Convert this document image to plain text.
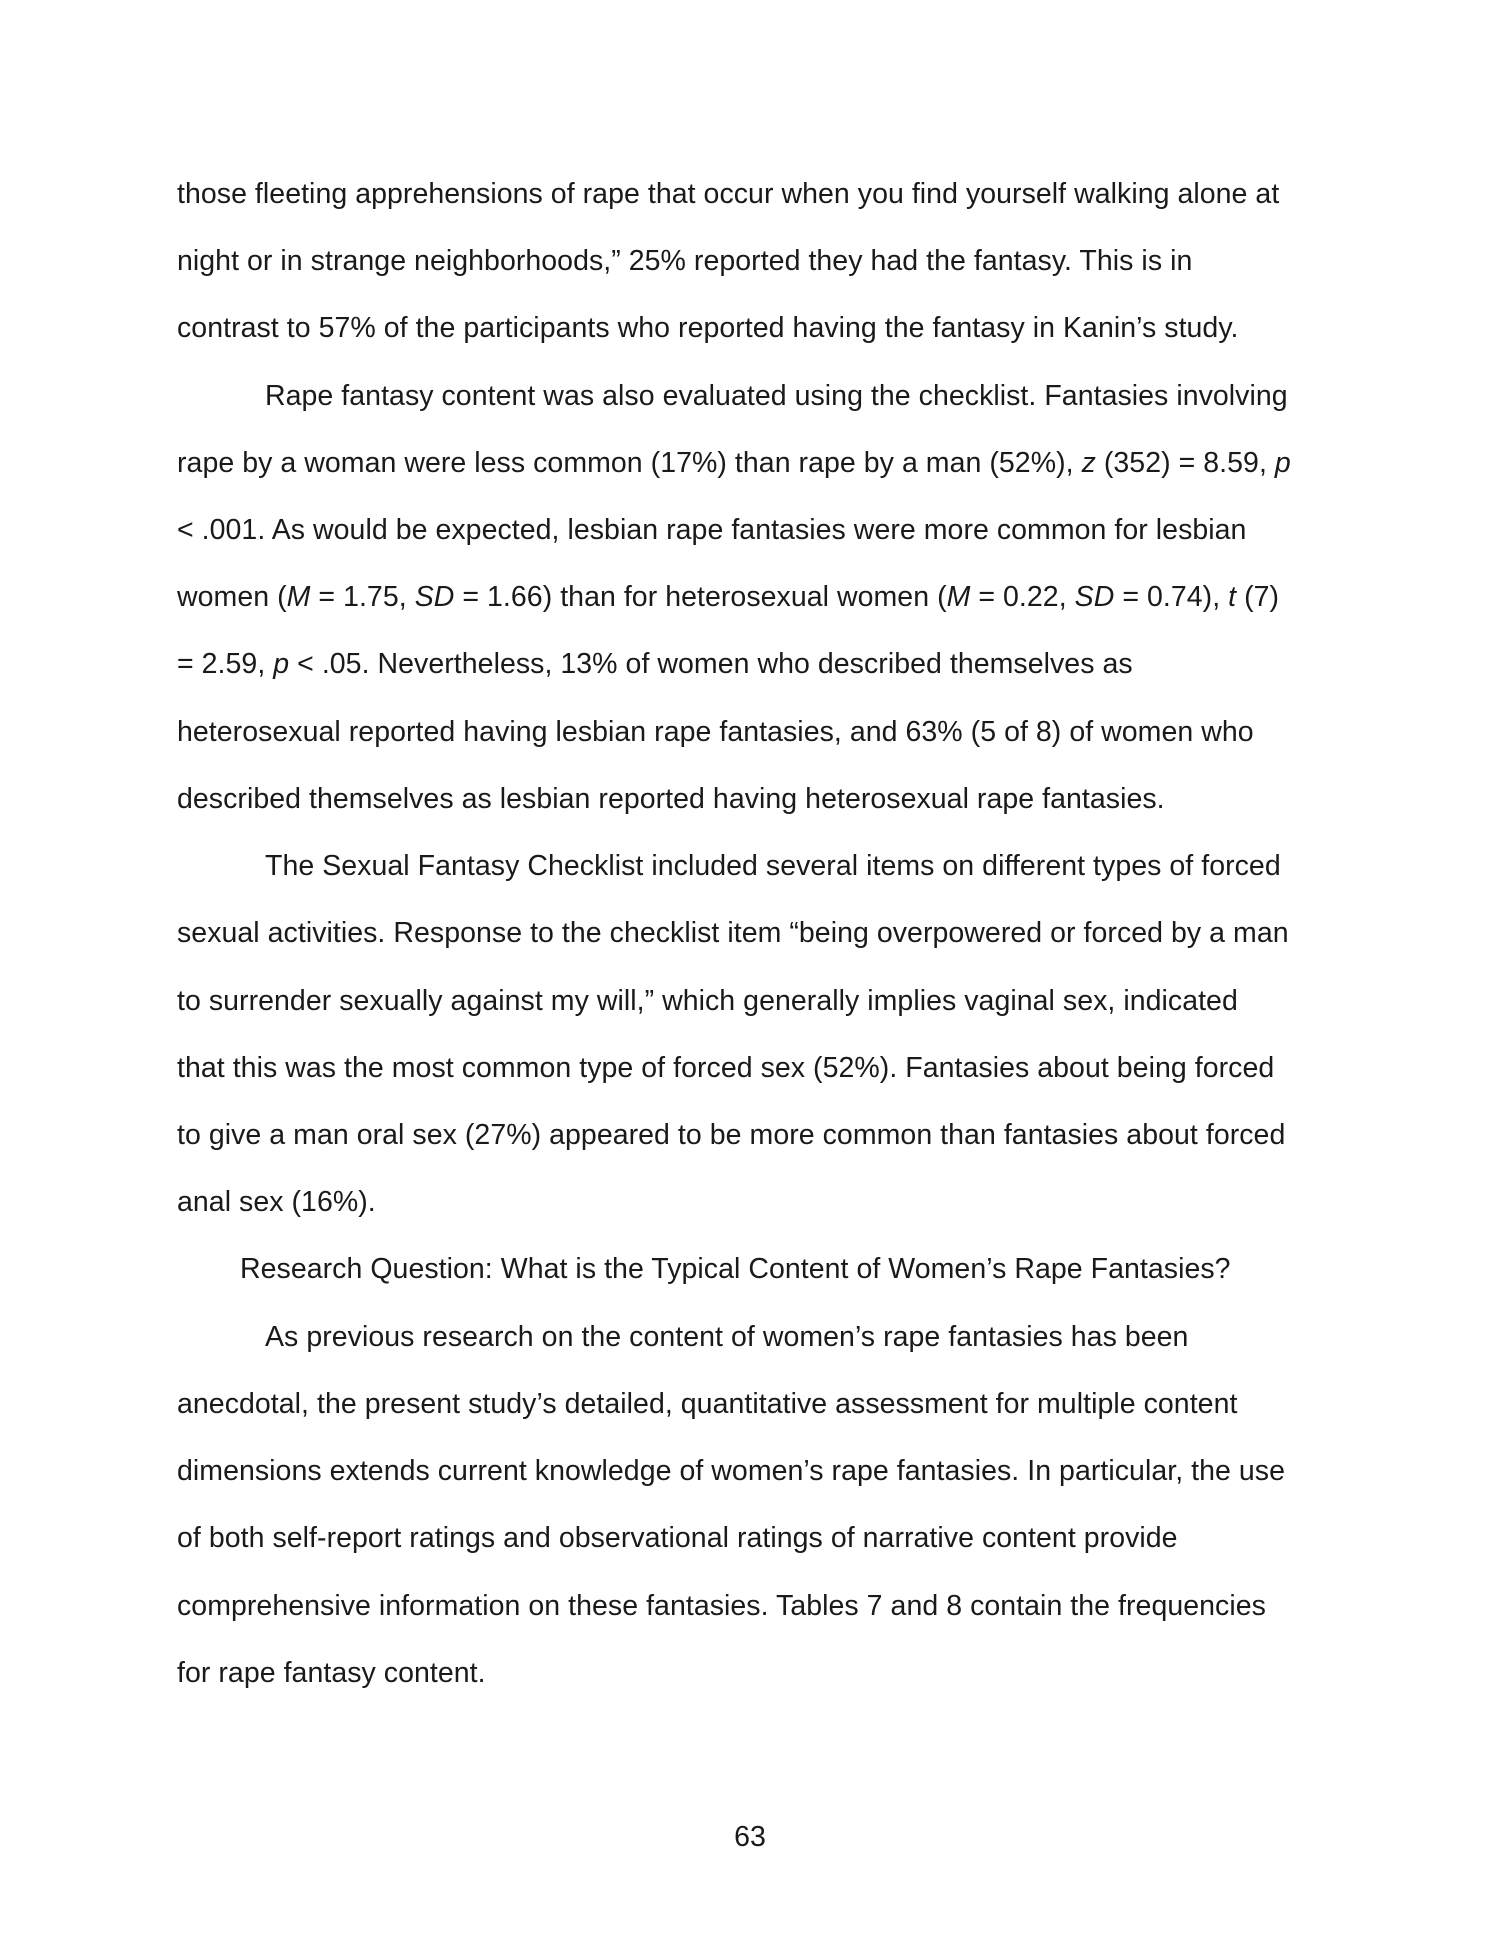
those fleeting apprehensions of rape that occur when you find yourself walking alone at
night or in strange neighborhoods,” 25% reported they had the fantasy. This is in
contrast to 57% of the participants who reported having the fantasy in Kanin’s study.
Rape fantasy content was also evaluated using the checklist. Fantasies involving
rape by a woman were less common (17%) than rape by a man (52%), z (352) = 8.59, p
< .001. As would be expected, lesbian rape fantasies were more common for lesbian
women (M = 1.75, SD = 1.66) than for heterosexual women (M = 0.22, SD = 0.74), t (7)
= 2.59, p < .05. Nevertheless, 13% of women who described themselves as
heterosexual reported having lesbian rape fantasies, and 63% (5 of 8) of women who
described themselves as lesbian reported having heterosexual rape fantasies.
The Sexual Fantasy Checklist included several items on different types of forced
sexual activities. Response to the checklist item “being overpowered or forced by a man
to surrender sexually against my will,” which generally implies vaginal sex, indicated
that this was the most common type of forced sex (52%). Fantasies about being forced
to give a man oral sex (27%) appeared to be more common than fantasies about forced
anal sex (16%).
Research Question: What is the Typical Content of Women’s Rape Fantasies?
As previous research on the content of women’s rape fantasies has been
anecdotal, the present study’s detailed, quantitative assessment for multiple content
dimensions extends current knowledge of women’s rape fantasies. In particular, the use
of both self-report ratings and observational ratings of narrative content provide
comprehensive information on these fantasies. Tables 7 and 8 contain the frequencies
for rape fantasy content.
63
